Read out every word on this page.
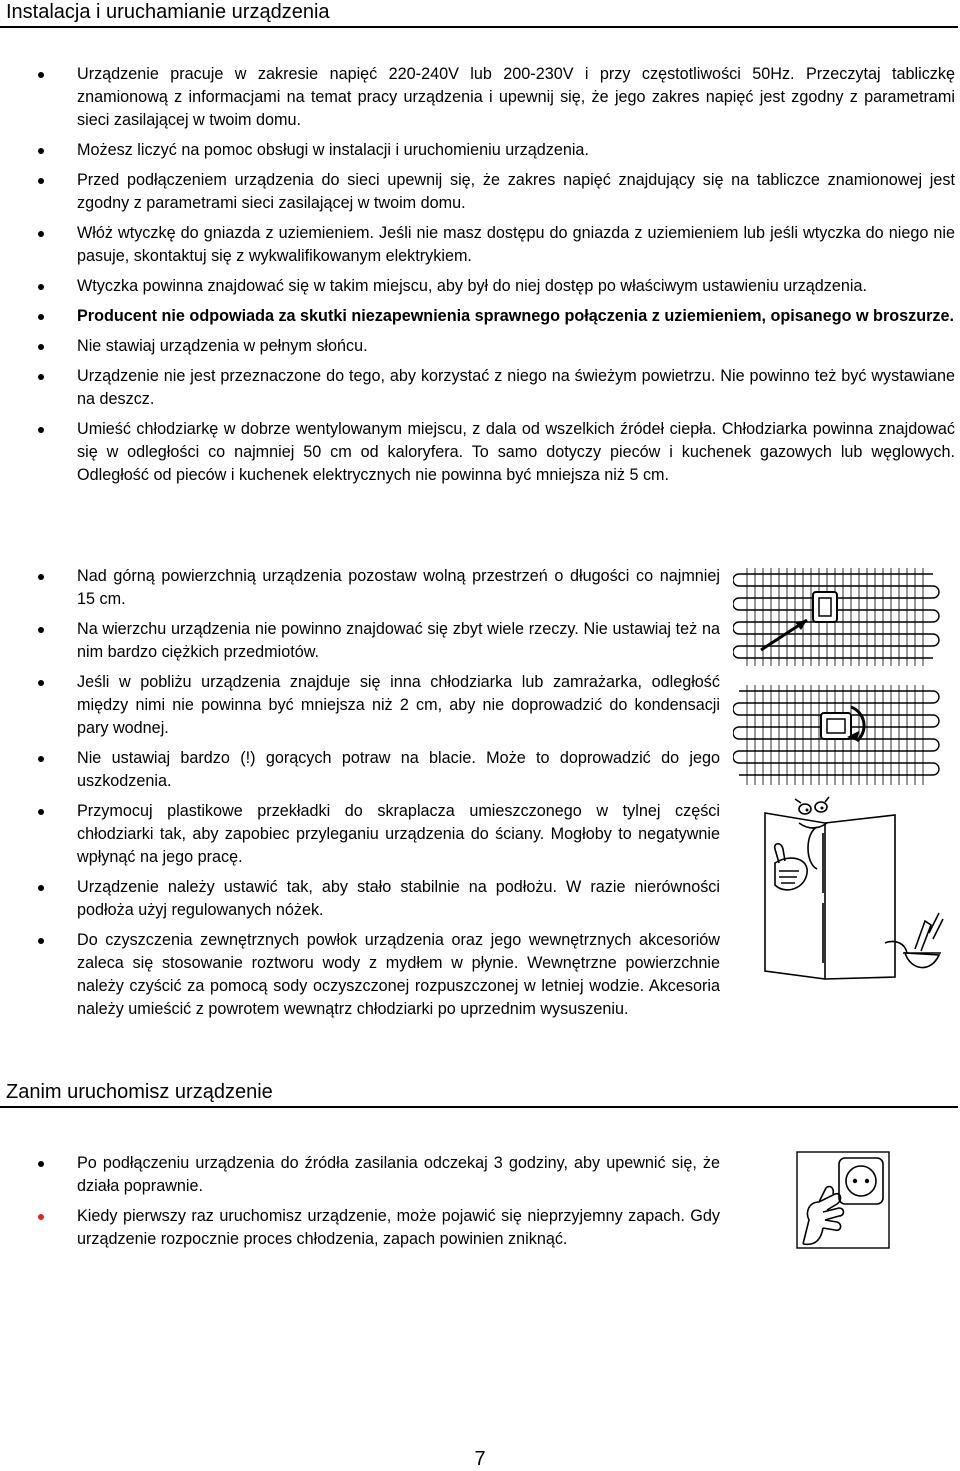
Instalacja i uruchamianie urządzenia
Urządzenie pracuje w zakresie napięć 220-240V lub 200-230V i przy częstotliwości 50Hz. Przeczytaj tabliczkę znamionową z informacjami na temat pracy urządzenia i upewnij się, że jego zakres napięć jest zgodny z parametrami sieci zasilającej w twoim domu.
Możesz liczyć na pomoc obsługi w instalacji i uruchomieniu urządzenia.
Przed podłączeniem urządzenia do sieci upewnij się, że zakres napięć znajdujący się na tabliczce znamionowej jest zgodny z parametrami sieci zasilającej w twoim domu.
Włóż wtyczkę do gniazda z uziemieniem. Jeśli nie masz dostępu do gniazda z uziemieniem lub jeśli wtyczka do niego nie pasuje, skontaktuj się z wykwalifikowanym elektrykiem.
Wtyczka powinna znajdować się w takim miejscu, aby był do niej dostęp po właściwym ustawieniu urządzenia.
Producent nie odpowiada za skutki niezapewnienia sprawnego połączenia z uziemieniem, opisanego w broszurze.
Nie stawiaj urządzenia w pełnym słońcu.
Urządzenie nie jest przeznaczone do tego, aby korzystać z niego na świeżym powietrzu. Nie powinno też być wystawiane na deszcz.
Umieść chłodziarkę w dobrze wentylowanym miejscu, z dala od wszelkich źródeł ciepła. Chłodziarka powinna znajdować się w odległości co najmniej 50 cm od kaloryfera. To samo dotyczy pieców i kuchenek gazowych lub węglowych. Odległość od pieców i kuchenek elektrycznych nie powinna być mniejsza niż 5 cm.
Nad górną powierzchnią urządzenia pozostaw wolną przestrzeń o długości co najmniej 15 cm.
Na wierzchu urządzenia nie powinno znajdować się zbyt wiele rzeczy. Nie ustawiaj też na nim bardzo ciężkich przedmiotów.
Jeśli w pobliżu urządzenia znajduje się inna chłodziarka lub zamrażarka, odległość między nimi nie powinna być mniejsza niż 2 cm, aby nie doprowadzić do kondensacji pary wodnej.
Nie ustawiaj bardzo (!) gorących potraw na blacie. Może to doprowadzić do jego uszkodzenia.
Przymocuj plastikowe przekładki do skraplacza umieszczonego w tylnej części chłodziarki tak, aby zapobiec przyleganiu urządzenia do ściany. Mogłoby to negatywnie wpłynąć na jego pracę.
Urządzenie należy ustawić tak, aby stało stabilnie na podłożu. W razie nierówności podłoża użyj regulowanych nóżek.
Do czyszczenia zewnętrznych powłok urządzenia oraz jego wewnętrznych akcesoriów zaleca się stosowanie roztworu wody z mydłem w płynie. Wewnętrzne powierzchnie należy czyścić za pomocą sody oczyszczonej rozpuszczonej w letniej wodzie. Akcesoria należy umieścić z powrotem wewnątrz chłodziarki po uprzednim wysuszeniu.
Zanim uruchomisz urządzenie
Po podłączeniu urządzenia do źródła zasilania odczekaj 3 godziny, aby upewnić się, że działa poprawnie.
Kiedy pierwszy raz uruchomisz urządzenie, może pojawić się nieprzyjemny zapach. Gdy urządzenie rozpocznie proces chłodzenia, zapach powinien zniknąć.
7
